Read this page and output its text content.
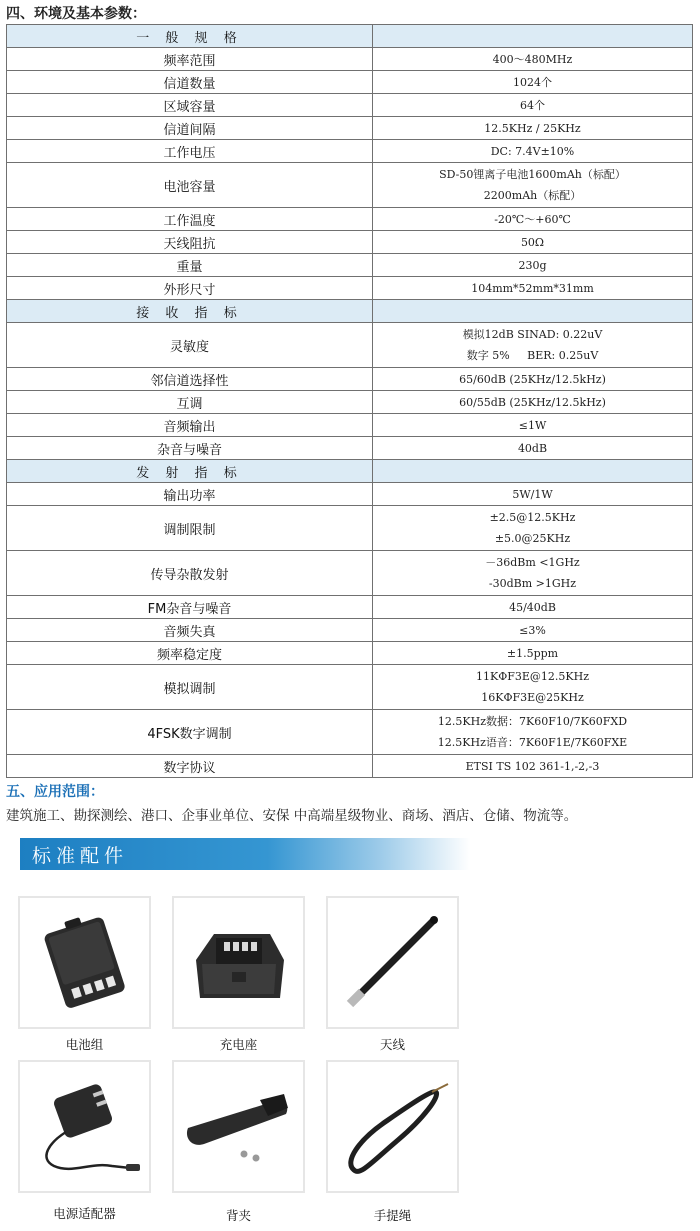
四、环境及基本参数：
一 般 规 格	
频率范围	400～480MHz
信道数量	1024个
区域容量	64个
信道间隔	12.5KHz / 25KHz
工作电压	DC: 7.4V±10%
电池容量	SD-50锂离子电池1600mAh（标配）
2200mAh（标配）

工作温度	-20℃～+60℃
天线阻抗	50Ω
重量	230g
外形尺寸	104mm*52mm*31mm
接 收 指 标	
灵敏度	模拟12dB SINAD: 0.22uV
数字 5%     BER: 0.25uV

邻信道选择性	65/60dB (25KHz/12.5kHz)
互调	60/55dB (25KHz/12.5kHz)
音频输出	≤1W
杂音与噪音	40dB
发 射 指 标	
输出功率	5W/1W
调制限制	±2.5@12.5KHz
±5.0@25KHz

传导杂散发射	－36dBm <1GHz
-30dBm >1GHz

FM杂音与噪音	45/40dB
音频失真	≤3%
频率稳定度	±1.5ppm
模拟调制	11KΦF3E@12.5KHz
16KΦF3E@25KHz

4FSK数字调制	12.5KHz数据：7K60F10/7K60FXD
12.5KHz语音：7K60F1E/7K60FXE

数字协议	ETSI TS 102 361-1,-2,-3
五、应用范围：
建筑施工、勘探测绘、港口、企事业单位、安保 中高端星级物业、商场、酒店、仓储、物流等。
标准配件
电池组	充电座	天线
电源适配器	背夹	手提绳
